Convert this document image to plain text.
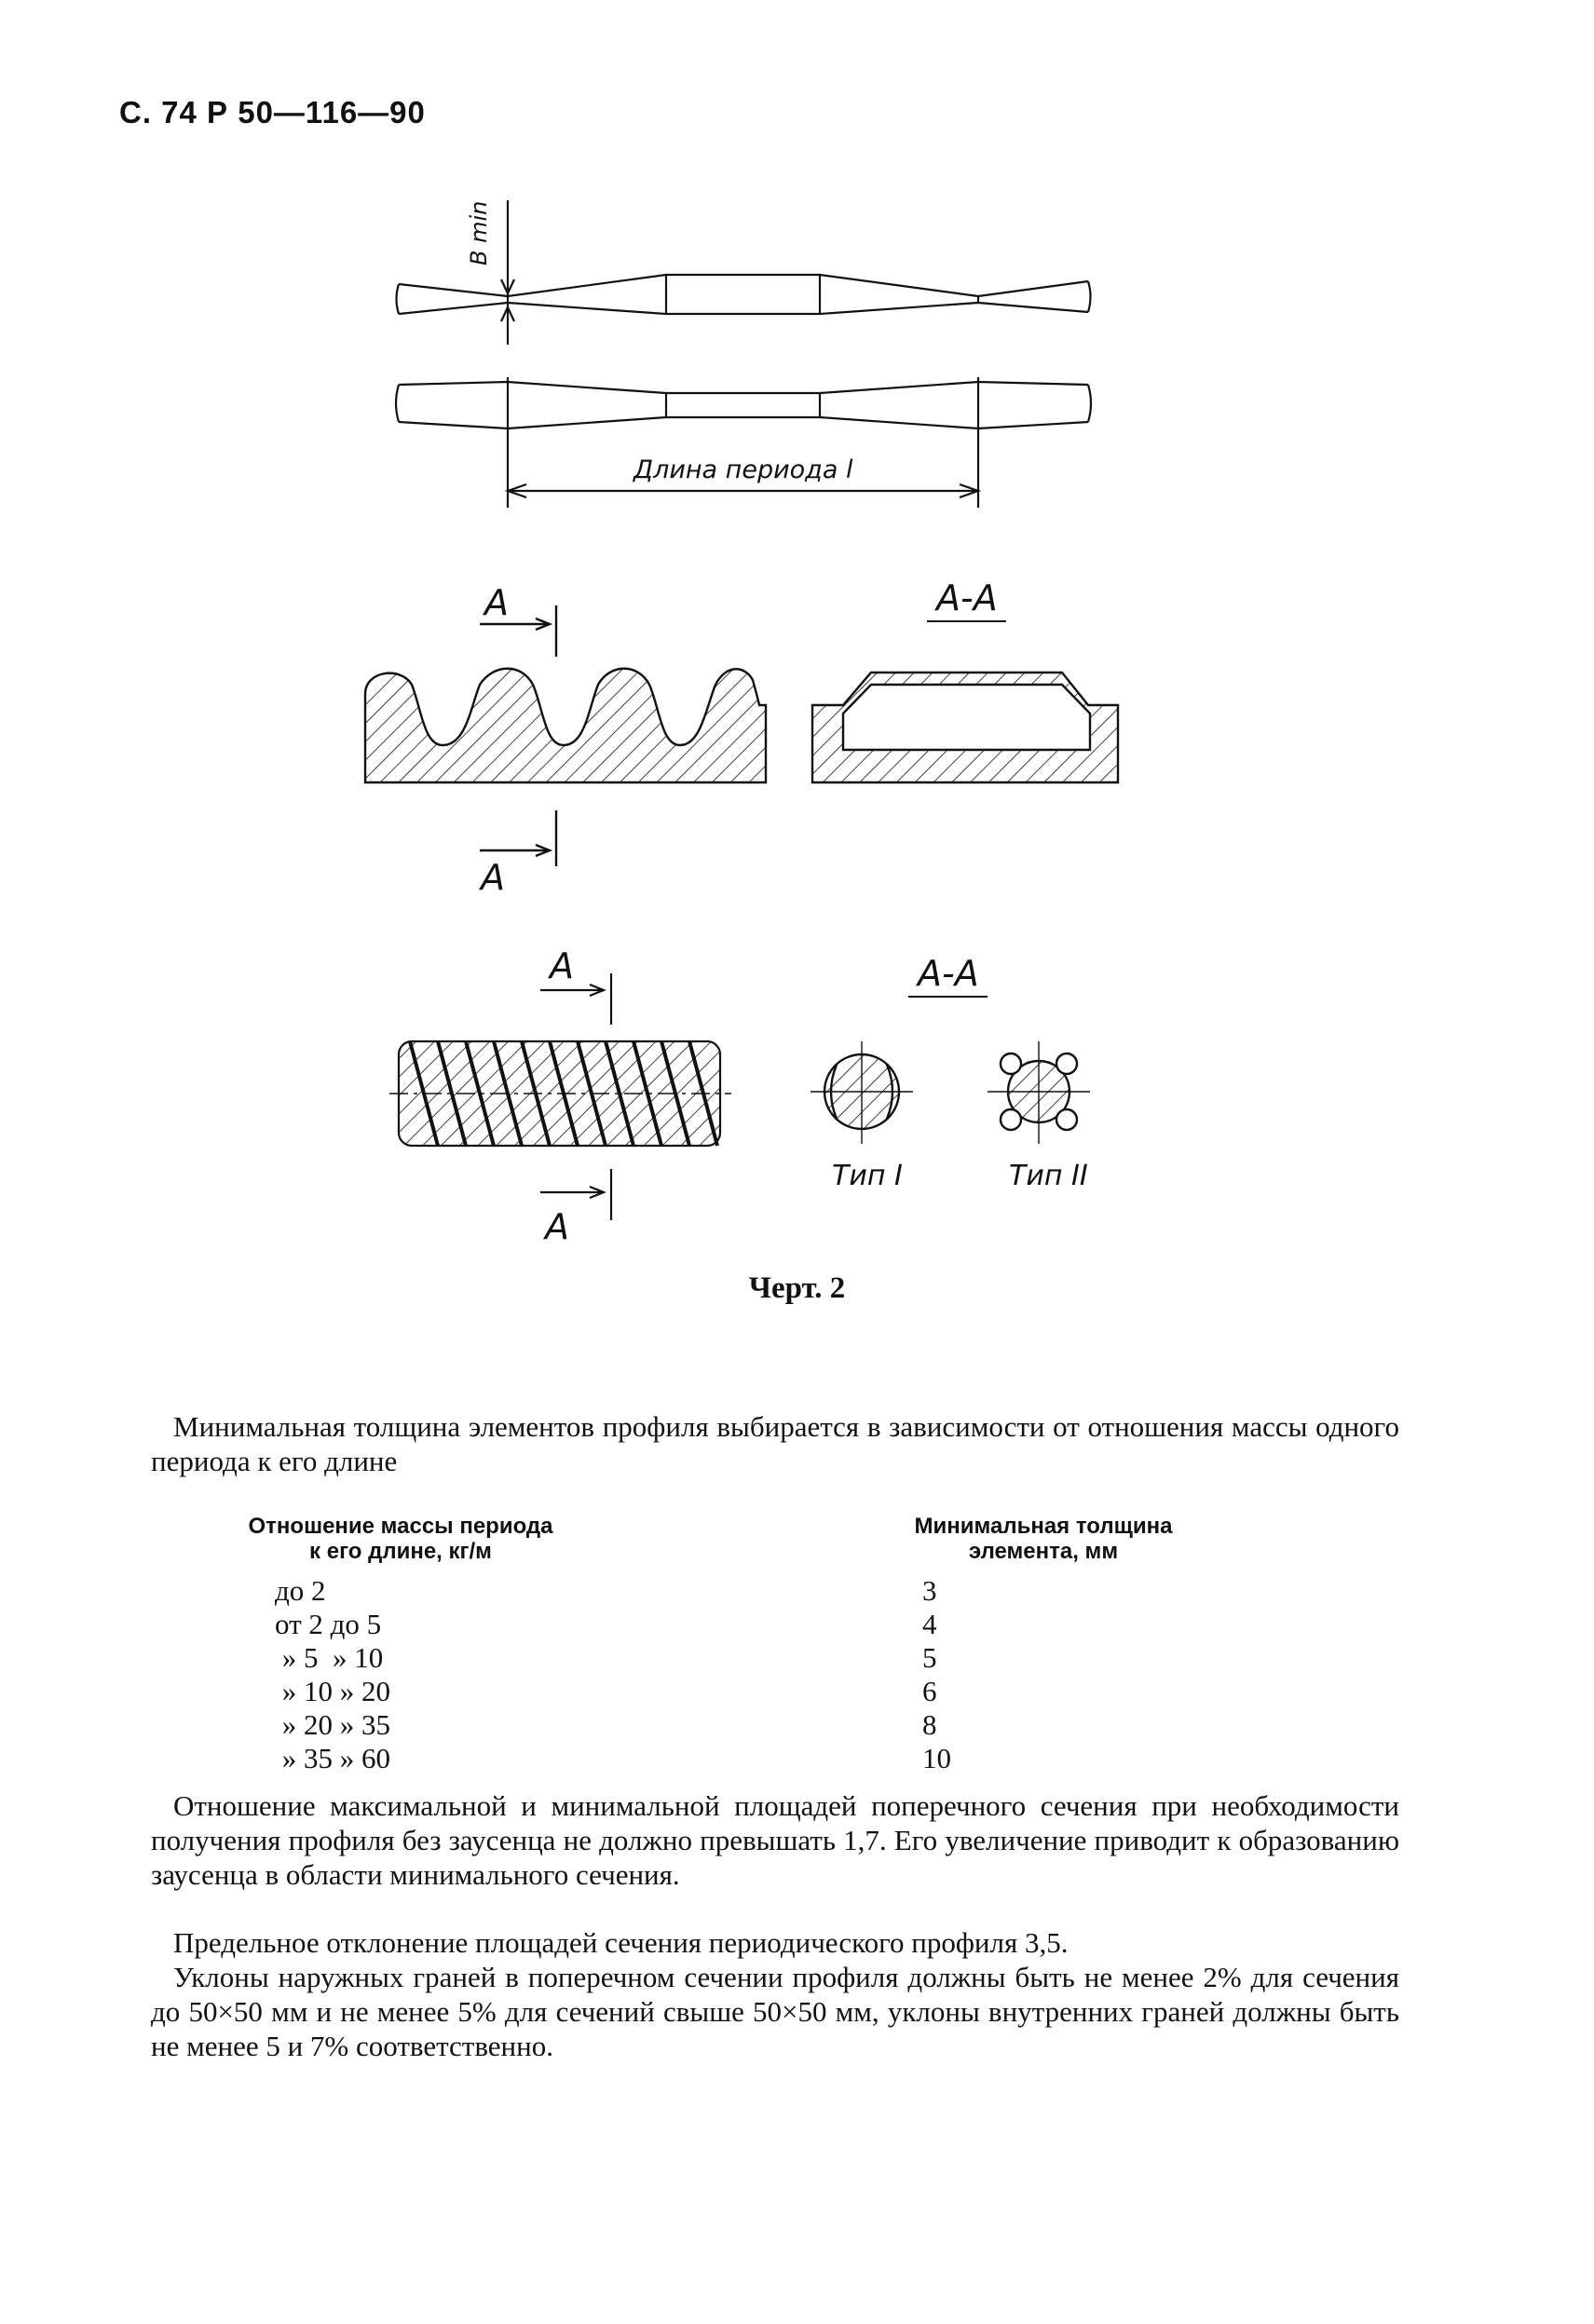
С. 74 Р 50—116—90
B min
Длина периода l
А
А
А-А
А
А
А-А
Тип I	Тип II
Черт. 2
Минимальная толщина элементов профиля выбирается в зависимости от отношения массы одного периода к его длине
Отношение массы периода
к его длине, кг/м
Минимальная толщина
элемента, мм
до 2	3
от 2 до 5	4
» 5  » 10	5
» 10 » 20	6
» 20 » 35	8
» 35 » 60	10
Отношение максимальной и минимальной площадей поперечного сечения при необходимости получения профиля без заусенца не должно превышать 1,7. Его увеличение приводит к образованию заусенца в области минимального сечения.
Предельное отклонение площадей сечения периодического профиля 3,5.
Уклоны наружных граней в поперечном сечении профиля должны быть не менее 2% для сечения до 50×50 мм и не менее 5% для сечений свыше 50×50 мм, уклоны внутренних граней должны быть не менее 5 и 7% соответственно.
